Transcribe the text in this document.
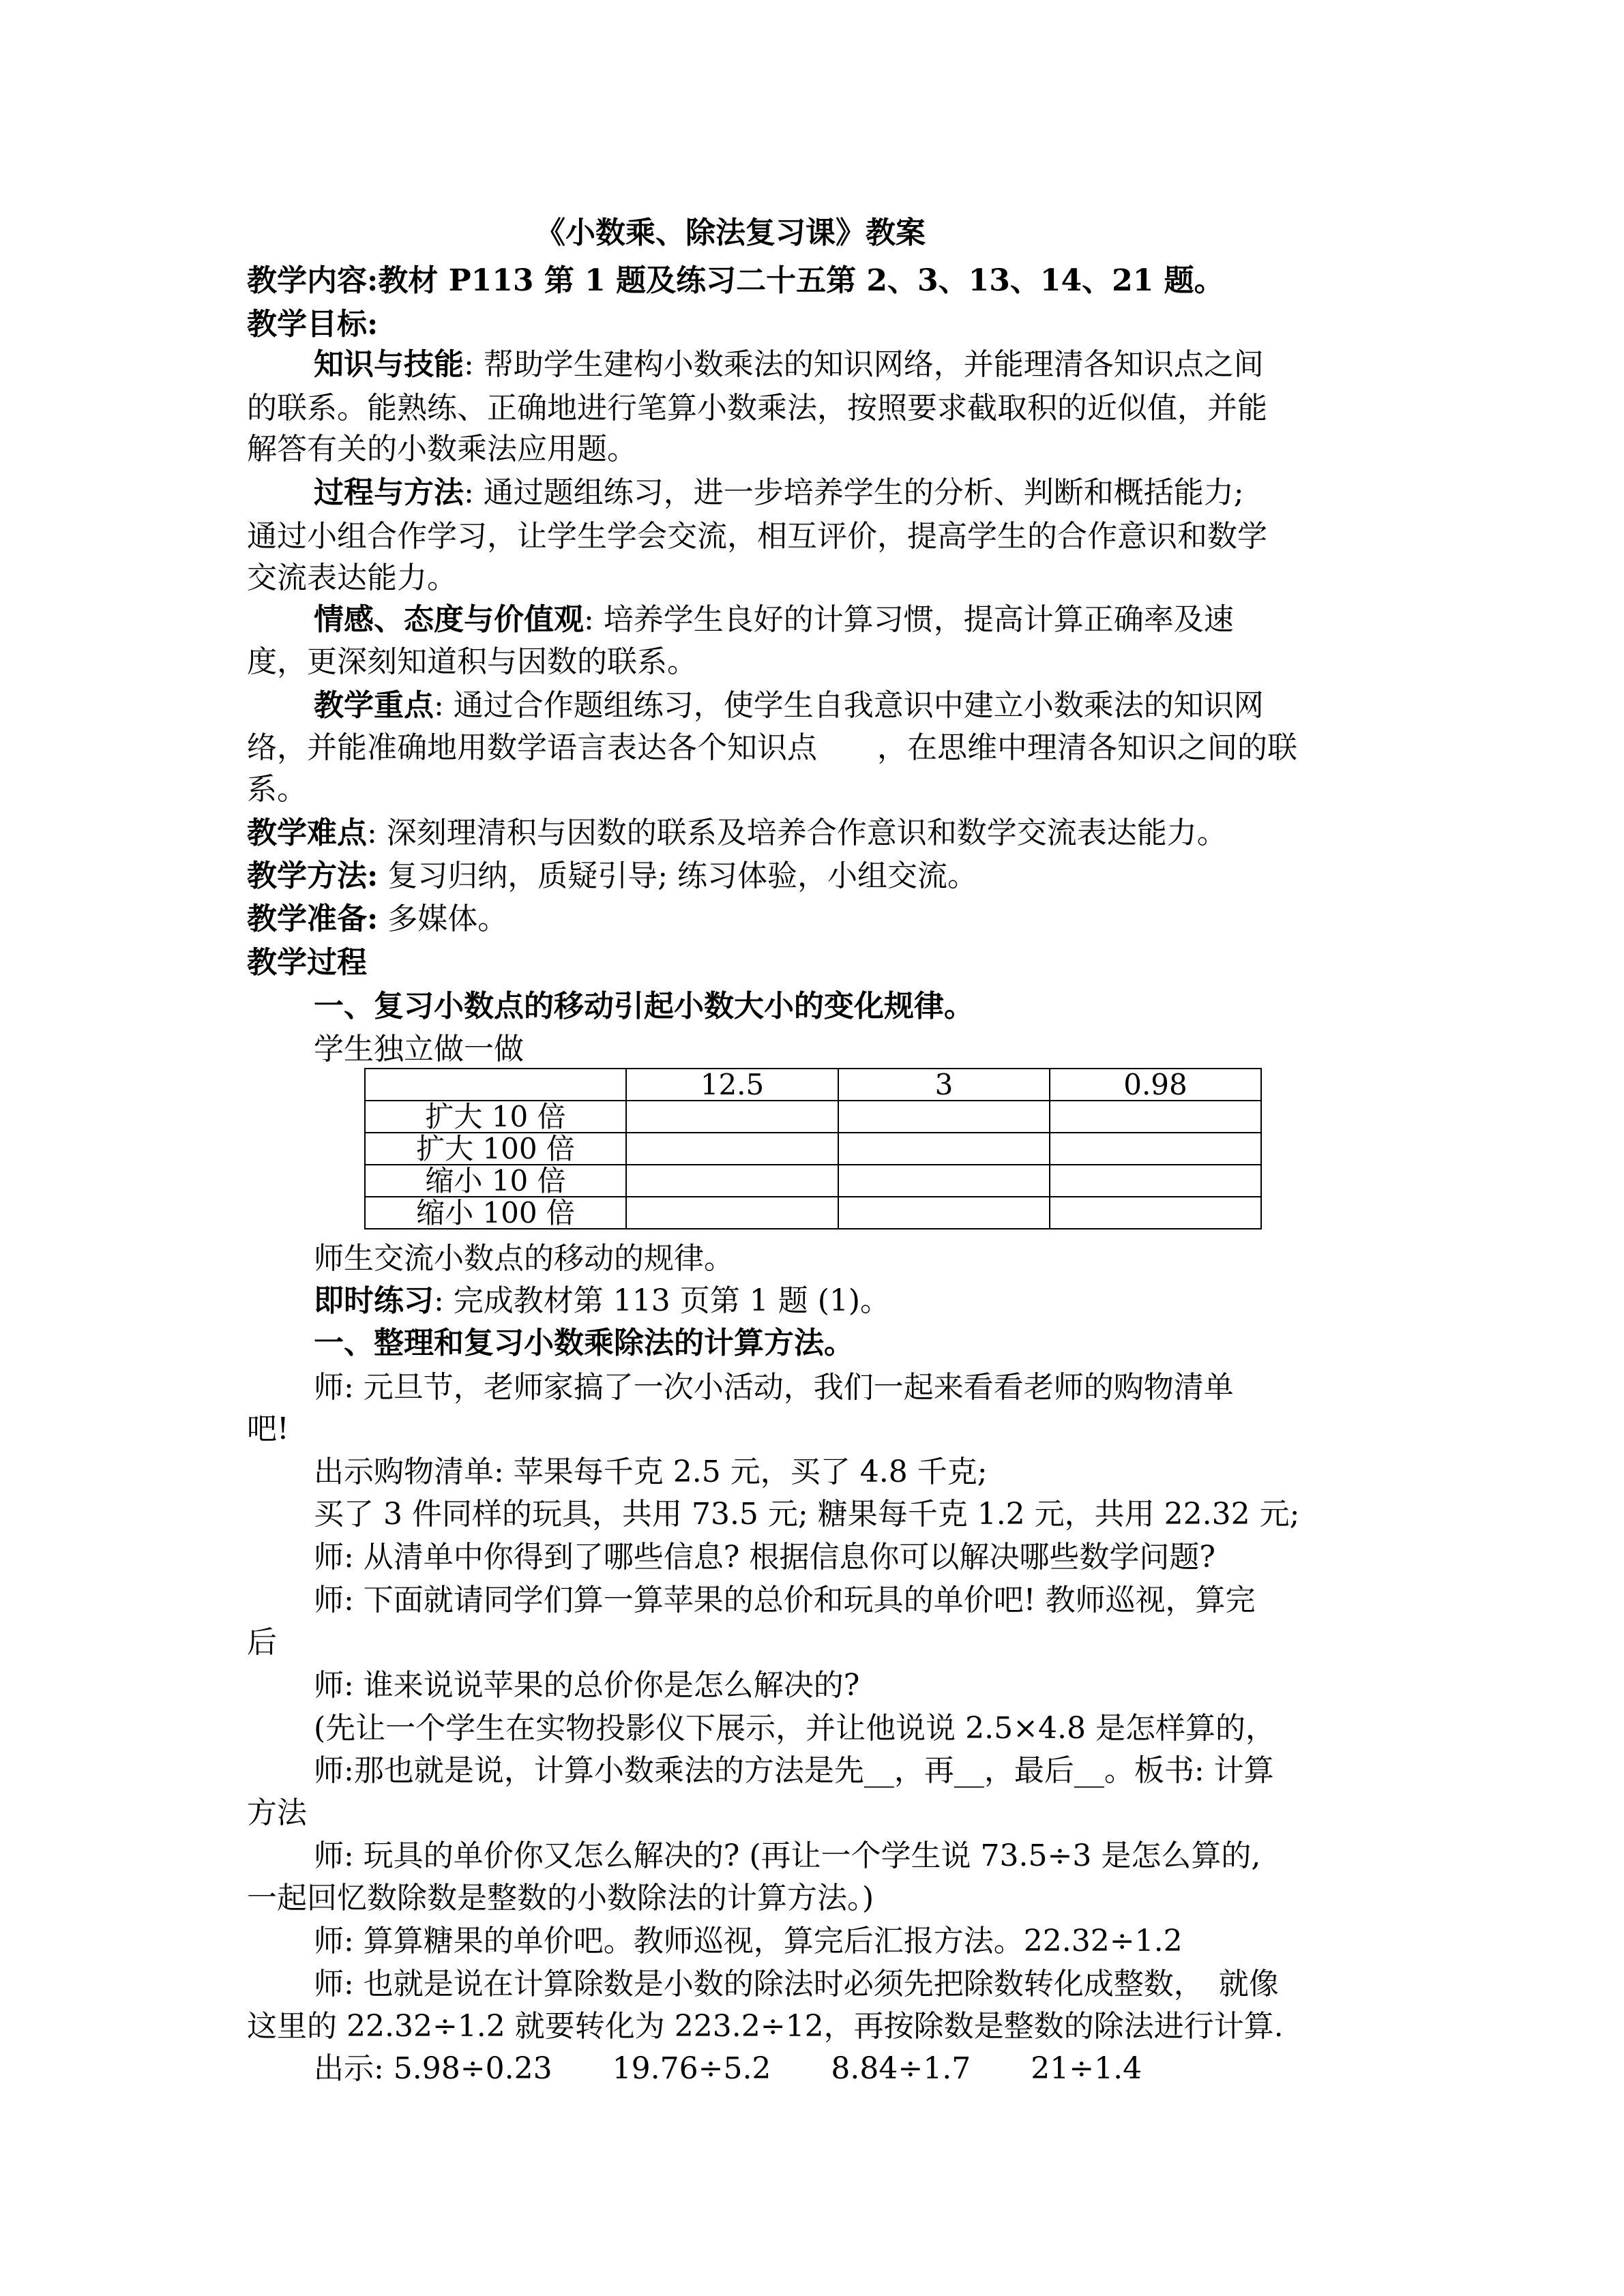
《小数乘、除法复习课》教案
教学内容:教材 P113 第 1 题及练习二十五第 2、3、13、14、21 题。
教学目标:
知识与技能: 帮助学生建构小数乘法的知识网络，并能理清各知识点之间
的联系。能熟练、正确地进行笔算小数乘法，按照要求截取积的近似值，并能
解答有关的小数乘法应用题。
过程与方法: 通过题组练习，进一步培养学生的分析、判断和概括能力;
通过小组合作学习，让学生学会交流，相互评价，提高学生的合作意识和数学
交流表达能力。
情感、态度与价值观: 培养学生良好的计算习惯，提高计算正确率及速
度，更深刻知道积与因数的联系。
教学重点: 通过合作题组练习，使学生自我意识中建立小数乘法的知识网
络，并能准确地用数学语言表达各个知识点　　，在思维中理清各知识之间的联
系。
教学难点: 深刻理清积与因数的联系及培养合作意识和数学交流表达能力。
教学方法: 复习归纳，质疑引导; 练习体验，小组交流。
教学准备: 多媒体。
教学过程
一、复习小数点的移动引起小数大小的变化规律。
学生独立做一做
	12.5	3	0.98
扩大 10 倍			
扩大 100 倍			
缩小 10 倍			
缩小 100 倍			
师生交流小数点的移动的规律。
即时练习: 完成教材第 113 页第 1 题 (1)。
一、整理和复习小数乘除法的计算方法。
师: 元旦节，老师家搞了一次小活动，我们一起来看看老师的购物清单
吧!
出示购物清单: 苹果每千克 2.5 元，买了 4.8 千克;
买了 3 件同样的玩具，共用 73.5 元; 糖果每千克 1.2 元，共用 22.32 元;
师: 从清单中你得到了哪些信息? 根据信息你可以解决哪些数学问题?
师: 下面就请同学们算一算苹果的总价和玩具的单价吧! 教师巡视，算完
后
师: 谁来说说苹果的总价你是怎么解决的?
(先让一个学生在实物投影仪下展示，并让他说说 2.5×4.8 是怎样算的，
师:那也就是说，计算小数乘法的方法是先__，再__，最后__。板书: 计算
方法
师: 玩具的单价你又怎么解决的? (再让一个学生说 73.5÷3 是怎么算的,
一起回忆数除数是整数的小数除法的计算方法。)
师: 算算糖果的单价吧。教师巡视，算完后汇报方法。22.32÷1.2
师: 也就是说在计算除数是小数的除法时必须先把除数转化成整数，　就像
这里的 22.32÷1.2 就要转化为 223.2÷12，再按除数是整数的除法进行计算.
出示: 5.98÷0.23　　19.76÷5.2　　8.84÷1.7　　21÷1.4
